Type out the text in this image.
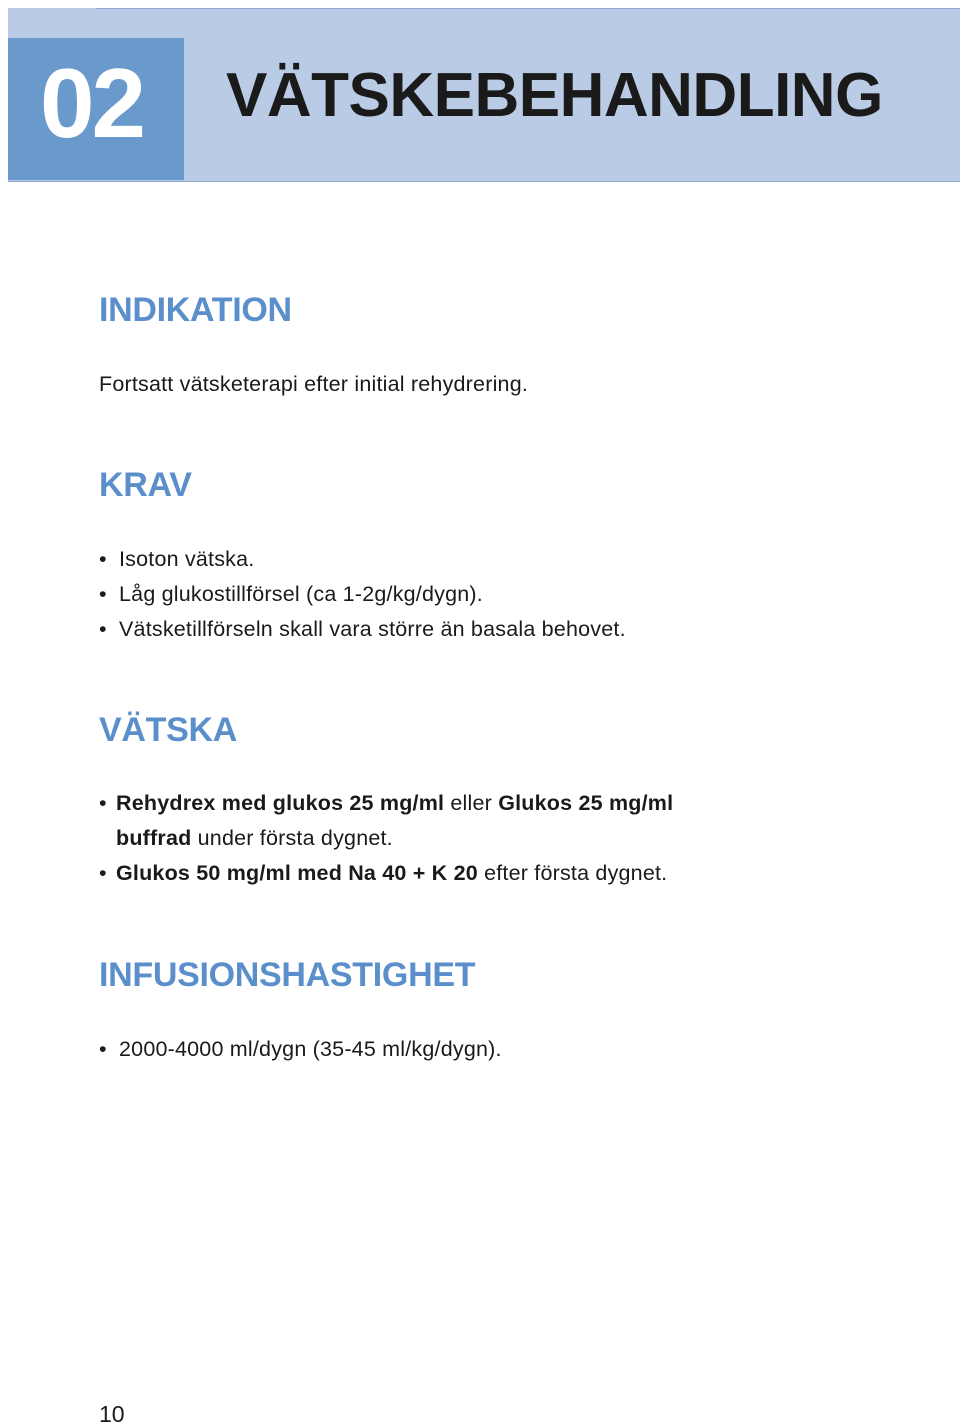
02 VÄTSKEBEHANDLING
INDIKATION
Fortsatt vätsketerapi efter initial rehydrering.
KRAV
• Isoton vätska.
• Låg glukostillförsel (ca 1-2g/kg/dygn).
• Vätsketillförseln skall vara större än basala behovet.
VÄTSKA
• Rehydrex med glukos 25 mg/ml eller Glukos 25 mg/ml
buffrad under första dygnet.
• Glukos 50 mg/ml med Na 40 + K 20 efter första dygnet.
INFUSIONSHASTIGHET
• 2000-4000 ml/dygn (35-45 ml/kg/dygn).
10
